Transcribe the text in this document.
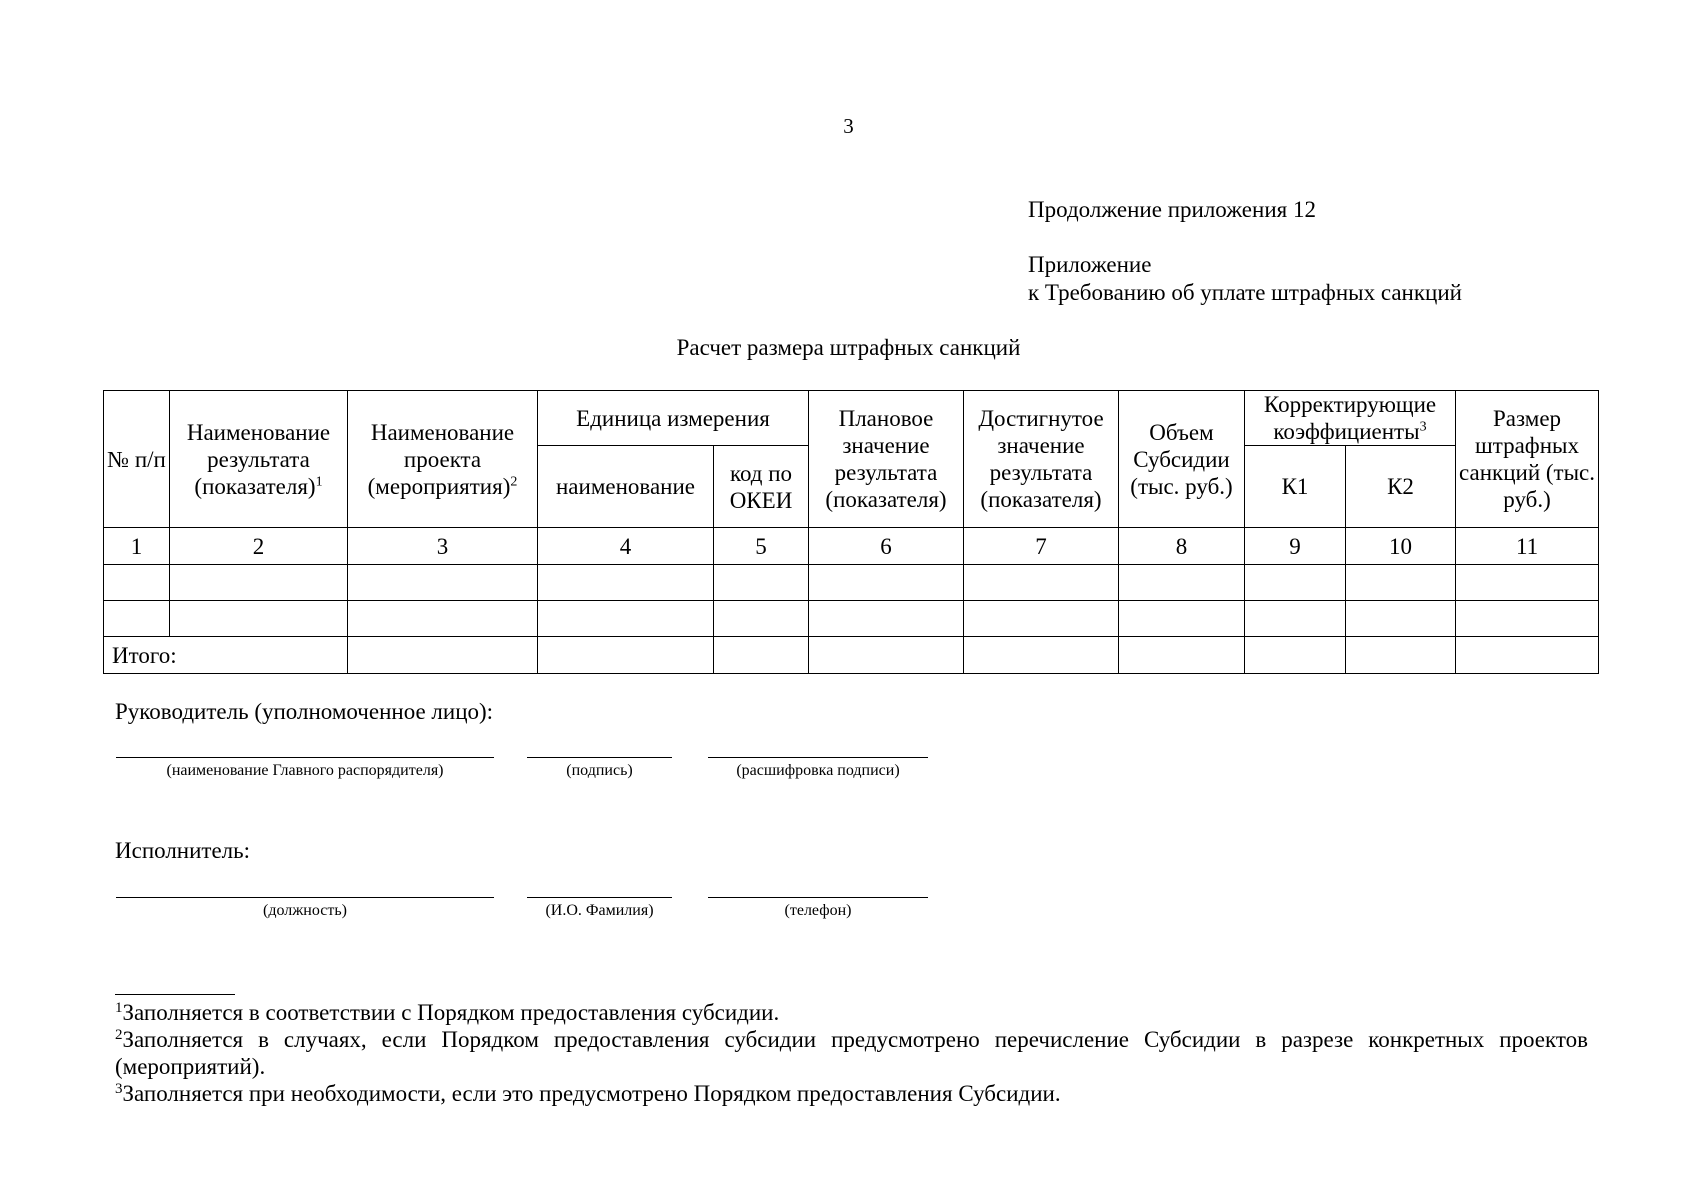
3
Продолжение приложения 12
Приложение
к Требованию об уплате штрафных санкций
Расчет размера штрафных санкций
№ п/п	Наименование результата (показателя)$^1$	Наименование проекта (мероприятия)$^2$	Единица измерения		Плановое значение результата (показателя)	Достигнутое значение результата (показателя)	Объем Субсидии (тыс. руб.)	Корректирующие коэффициенты$^3$		Размер штрафных санкций (тыс. руб.)
			наименование	код по ОКЕИ				К1	К2	
1	2	3	4	5	6	7	8	9	10	11

Итого:										
Руководитель (уполномоченное лицо):
(наименование Главного распорядителя)	(подпись)	(расшифровка подписи)
Исполнитель:
(должность)	(И.О. Фамилия)	(телефон)
$^1$Заполняется в соответствии с Порядком предоставления субсидии.
$^2$Заполняется в случаях, если Порядком предоставления субсидии предусмотрено перечисление Субсидии в разрезе конкретных проектов (мероприятий).
$^3$Заполняется при необходимости, если это предусмотрено Порядком предоставления Субсидии.
